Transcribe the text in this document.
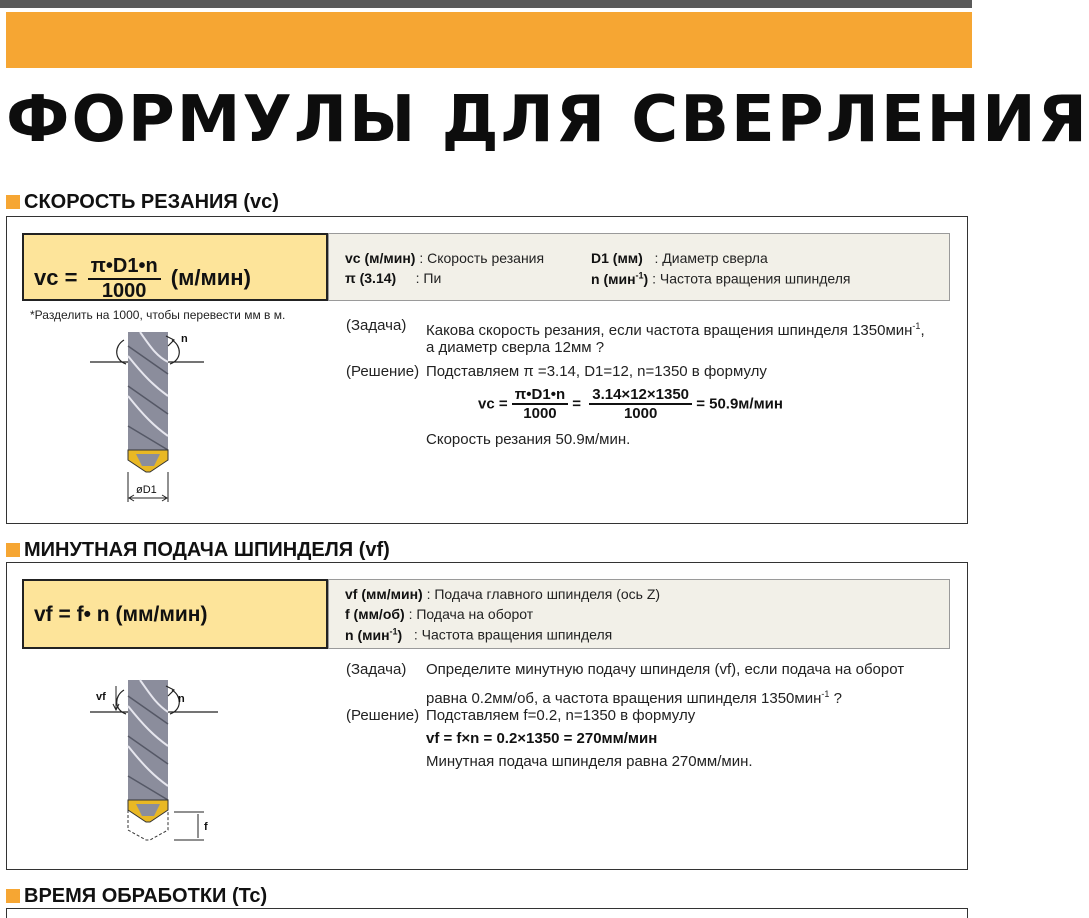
ФОРМУЛЫ ДЛЯ СВЕРЛЕНИЯ
СКОРОСТЬ РЕЗАНИЯ (vc)
vc = $\frac{\pi•D1•n}{1000} (м/мин)$
vc (м/мин) : Скорость резания
π (3.14) : Пи
D1 (мм) : Диаметр сверла
n (мин$^{-1}$) : Частота вращения шпинделя
*Разделить на 1000, чтобы перевести мм в м.
n
øD1
(Задача) Какова скорость резания, если частота вращения шпинделя 1350мин$^{-1}$,
а диаметр сверла 12мм ?
(Решение) Подставляем π =3.14, D1=12, n=1350 в формулу
vc = $\frac{\pi•D1•n}{1000} = \frac{3.14\times 12\times 1350}{1000} = 50.9м/мин$
Скорость резания 50.9м/мин.
МИНУТНАЯ ПОДАЧА ШПИНДЕЛЯ (vf)
vf = f• n (мм/мин)
vf (мм/мин) : Подача главного шпинделя (ось Z)
f (мм/об) : Подача на оборот
n (мин$^{-1}$) : Частота вращения шпинделя
vf	n
f
(Задача) Определите минутную подачу шпинделя (vf), если подача на оборот
равна 0.2мм/об, а частота вращения шпинделя 1350мин$^{-1}$ ?
(Решение) Подставляем f=0.2, n=1350 в формулу
vf = f×n = 0.2×1350 = 270мм/мин
Минутная подача шпинделя равна 270мм/мин.
ВРЕМЯ ОБРАБОТКИ (Tc)
